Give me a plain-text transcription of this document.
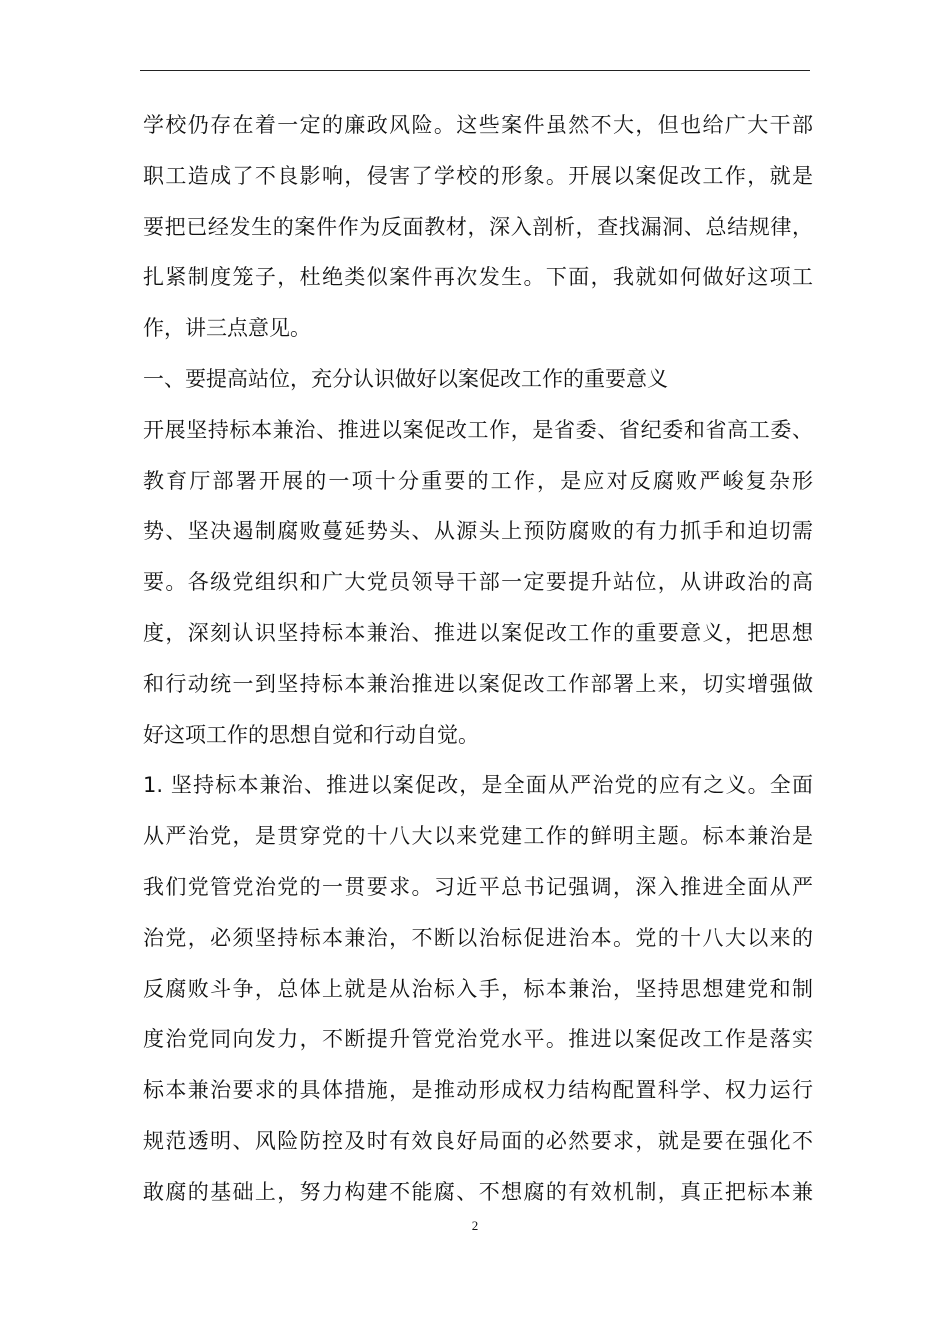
学校仍存在着一定的廉政风险。这些案件虽然不大，但也给广大干部
职工造成了不良影响，侵害了学校的形象。开展以案促改工作，就是
要把已经发生的案件作为反面教材，深入剖析，查找漏洞、总结规律，
扎紧制度笼子，杜绝类似案件再次发生。下面，我就如何做好这项工
作，讲三点意见。
一、要提高站位，充分认识做好以案促改工作的重要意义
开展坚持标本兼治、推进以案促改工作，是省委、省纪委和省高工委、
教育厅部署开展的一项十分重要的工作，是应对反腐败严峻复杂形
势、坚决遏制腐败蔓延势头、从源头上预防腐败的有力抓手和迫切需
要。各级党组织和广大党员领导干部一定要提升站位，从讲政治的高
度，深刻认识坚持标本兼治、推进以案促改工作的重要意义，把思想
和行动统一到坚持标本兼治推进以案促改工作部署上来，切实增强做
好这项工作的思想自觉和行动自觉。
1. 坚持标本兼治、推进以案促改，是全面从严治党的应有之义。全面
从严治党，是贯穿党的十八大以来党建工作的鲜明主题。标本兼治是
我们党管党治党的一贯要求。习近平总书记强调，深入推进全面从严
治党，必须坚持标本兼治，不断以治标促进治本。党的十八大以来的
反腐败斗争，总体上就是从治标入手，标本兼治，坚持思想建党和制
度治党同向发力，不断提升管党治党水平。推进以案促改工作是落实
标本兼治要求的具体措施，是推动形成权力结构配置科学、权力运行
规范透明、风险防控及时有效良好局面的必然要求，就是要在强化不
敢腐的基础上，努力构建不能腐、不想腐的有效机制，真正把标本兼
2
